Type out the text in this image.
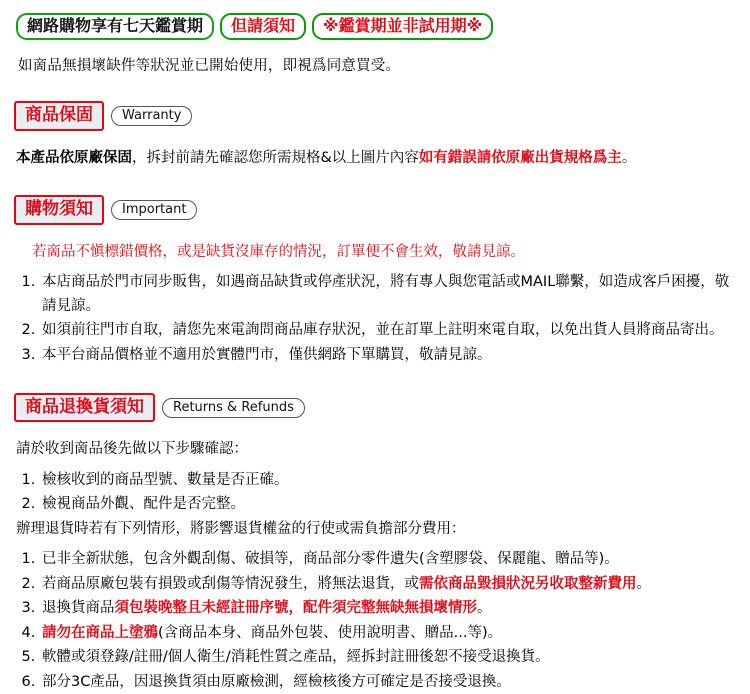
網路購物享有七天鑑賞期	但請須知	※鑑賞期並非試用期※
如啇品無損壞缺件等狀況並已開始使用，即視爲同意買受。
商品保固	Warranty

本產品依原廠保固，拆封前請先確認您所需規格&以上圖片內容如有錯誤請依原廠出貨規格爲主。

購物須知	Important

若啇品不愼標錯價格，或是缺貨沒庫存的情況，訂單便不會生效，敬請見諒。

1. 本店商品於門市同步販售，如遇商品缺貨或停產狀況，將有專人與您電話或MAIL聯繫，如造成客戶困擾，敬請見諒。
2. 如須前往門市自取，請您先來電詢問商品庫存狀況，並在訂單上註明來電自取，以免出貨人員將商品寄出。
3. 本平台商品價格並不適用於實體門市，僅供網路下單購買，敬請見諒。
商品退換貨須知	Returns & Refunds

請於收到啇品後先做以下步驟確認：

1. 檢核收到的商品型號、數量是否正確。
2. 檢視商品外觀、配件是否完整。

辦理退貨時若有下列情形，將影響退貨權盆的行使或需負擔部分費用：

1. 已非全新狀態，包含外觀刮傷、破損等，商品部分零件遺失(含塑膠袋、保麗龍、贈品等)。
2. 若商品原廠包裝有損毀或刮傷等情況發生，將無法退貨，或需依商品毀損狀況另收取整新費用。
3. 退換貨商品須包裝晚整且未經註冊序號，配件須完整無缺無損壞情形。
4. 請勿在商品上塗鴉(含商品本身、商品外包裝、使用說明書、贈品...等)。
5. 軟體或須登錄/註冊/個人衛生/消耗性質之產品，經拆封註冊後恕不接受退換貨。
6. 部分3C產品，因退換貨須由原廠檢測，經檢核後方可確定是否接受退換。
